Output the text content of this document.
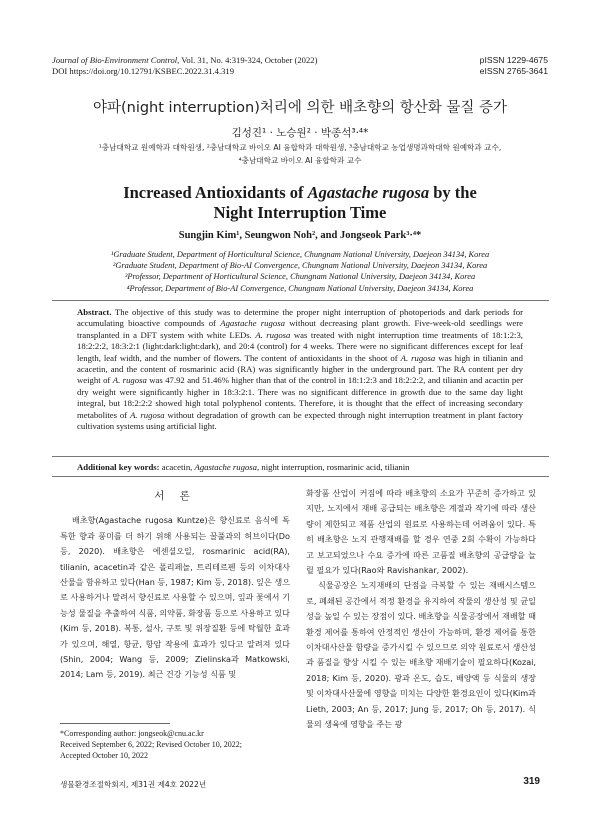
Journal of Bio-Environment Control, Vol. 31, No. 4:319-324, October (2022)
DOI https://doi.org/10.12791/KSBEC.2022.31.4.319
pISSN 1229-4675
eISSN 2765-3641
야파(night interruption)처리에 의한 배초향의 항산화 물질 증가
김성진¹ · 노승원² · 박종석³·⁴*
¹충남대학교 원예학과 대학원생, ²충남대학교 바이오 AI 융합학과 대학원생, ³충남대학교 농업생명과학대학 원예학과 교수,
⁴충남대학교 바이오 AI 융합학과 교수
Increased Antioxidants of Agastache rugosa by the
Night Interruption Time
Sungjin Kim¹, Seungwon Noh², and Jongseok Park³·⁴*
¹Graduate Student, Department of Horticultural Science, Chungnam National University, Daejeon 34134, Korea
²Graduate Student, Department of Bio-AI Convergence, Chungnam National University, Daejeon 34134, Korea
³Professor, Department of Horticultural Science, Chungnam National University, Daejeon 34134, Korea
⁴Professor, Department of Bio-AI Convergence, Chungnam National University, Daejeon 34134, Korea
Abstract. The objective of this study was to determine the proper night interruption of photoperiods and dark periods for accumulating bioactive compounds of Agastache rugosa without decreasing plant growth. Five-week-old seedlings were transplanted in a DFT system with white LEDs. A. rugosa was treated with night interruption time treatments of 18:1:2:3, 18:2:2:2, 18:3:2:1 (light:dark:light:dark), and 20:4 (control) for 4 weeks. There were no significant differences except for leaf length, leaf width, and the number of flowers. The content of antioxidants in the shoot of A. rugosa was high in tilianin and acacetin, and the content of rosmarinic acid (RA) was significantly higher in the underground part. The RA content per dry weight of A. rugosa was 47.92 and 51.46% higher than that of the control in 18:1:2:3 and 18:2:2:2, and tilianin and acactin per dry weight were significantly higher in 18:3:2:1. There was no significant difference in growth due to the same day light integral, but 18:2:2:2 showed high total polyphenol contents. Therefore, it is thought that the effect of increasing secondary metabolites of A. rugosa without degradation of growth can be expected through night interruption treatment in plant factory cultivation systems using artificial light.
Additional key words: acacetin, Agastache rugosa, night interruption, rosmarinic acid, tilianin
서 론

배초향(Agastache rugosa Kuntze)은 향신료로 음식에 독특한 향과 풍미를 더 하기 위해 사용되는 꿀풀과의 허브이다(Do 등, 2020). 배초향은 에센셜오일, rosmarinic acid(RA), tilianin, acacetin과 같은 폴리페놀, 트리테르펜 등의 이차대사산물을 함유하고 있다(Han 등, 1987; Kim 등, 2018). 잎은 생으로 사용하거나 말려서 향신료로 사용할 수 있으며, 잎과 꽃에서 기능성 물질을 추출하여 식품, 의약품, 화장품 등으로 사용하고 있다(Kim 등, 2018). 복통, 설사, 구토 및 위장질환 등에 탁월한 효과가 있으며, 해열, 항균, 항암 작용에 효과가 있다고 알려져 있다(Shin, 2004; Wang 등, 2009; Zielinska과 Matkowski, 2014; Lam 등, 2019). 최근 건강 기능성 식품 및

화장품 산업이 커짐에 따라 배초향의 소요가 꾸준히 증가하고 있지만, 노지에서 재배 공급되는 배초향은 계절과 작기에 따라 생산량이 제한되고 제품 산업의 원료로 사용하는데 어려움이 있다. 특히 배초향은 노지 관행재배를 할 경우 연중 2회 수확이 가능하다고 보고되었으나 수요 증가에 따른 고품질 배초향의 공급량을 늘릴 필요가 있다(Rao와 Ravishankar, 2002).

식물공장은 노지재배의 단점을 극복할 수 있는 재배시스템으로, 폐쇄된 공간에서 적정 환경을 유지하여 작물의 생산성 및 균일성을 높일 수 있는 장점이 있다. 배초향을 식물공장에서 재배할 때 환경 제어를 통하여 안정적인 생산이 가능하며, 환경 제어를 통한 이차대사산물 함량을 증가시킬 수 있으므로 의약 원료로서 생산성과 품질을 향상 시킬 수 있는 배초향 재배기술이 필요하다(Kozai, 2018; Kim 등, 2020). 광과 온도, 습도, 배양액 등 식물의 생장 및 이차대사산물에 영향을 미치는 다양한 환경요인이 있다(Kim과 Lieth, 2003; An 등, 2017; Jung 등, 2017; Oh 등, 2017). 식물의 생육에 영향을 주는 광

*Corresponding author: jongseok@cnu.ac.kr
Received September 6, 2022; Revised October 10, 2022;
Accepted October 10, 2022
생물환경조절학회지, 제31권 제4호 2022년	319
